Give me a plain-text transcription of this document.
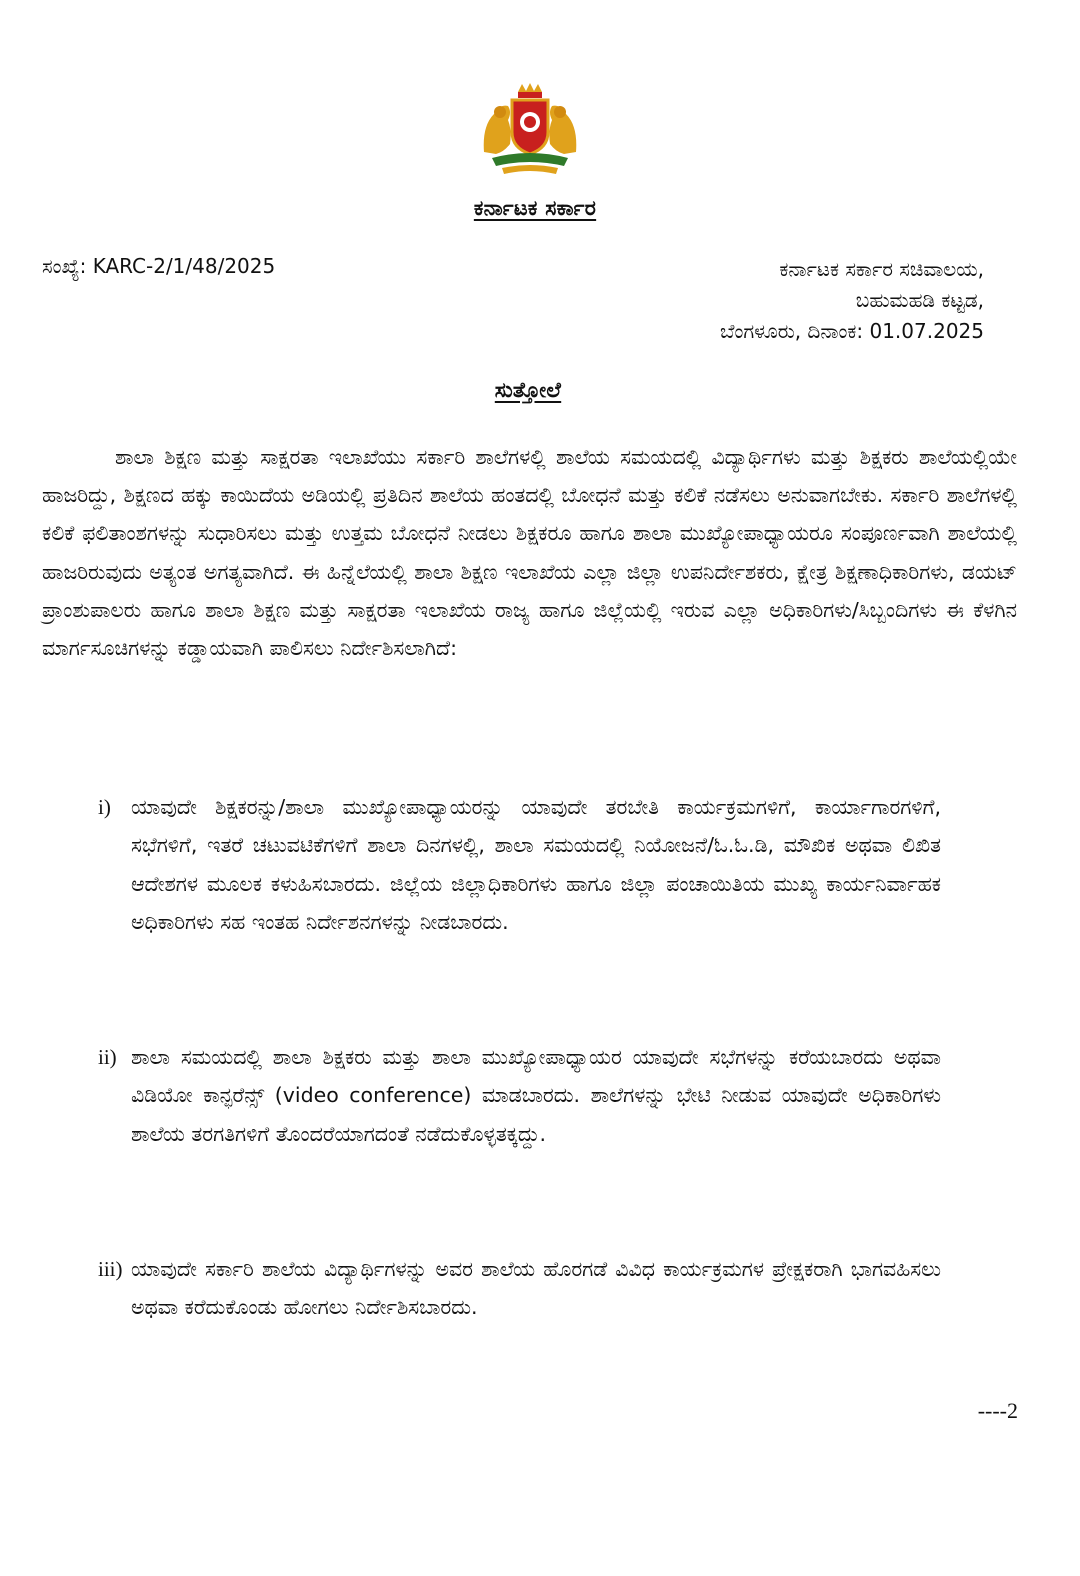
ಕರ್ನಾಟಕ ಸರ್ಕಾರ
ಸಂಖ್ಯೆ: KARC-2/1/48/2025	ಕರ್ನಾಟಕ ಸರ್ಕಾರ ಸಚಿವಾಲಯ,
ಬಹುಮಹಡಿ ಕಟ್ಟಡ,
ಬೆಂಗಳೂರು, ದಿನಾಂಕ: 01.07.2025
ಸುತ್ತೋಲೆ

ಶಾಲಾ ಶಿಕ್ಷಣ ಮತ್ತು ಸಾಕ್ಷರತಾ ಇಲಾಖೆಯು ಸರ್ಕಾರಿ ಶಾಲೆಗಳಲ್ಲಿ ಶಾಲೆಯ ಸಮಯದಲ್ಲಿ ವಿದ್ಯಾರ್ಥಿಗಳು ಮತ್ತು ಶಿಕ್ಷಕರು ಶಾಲೆಯಲ್ಲಿಯೇ ಹಾಜರಿದ್ದು, ಶಿಕ್ಷಣದ ಹಕ್ಕು ಕಾಯಿದೆಯ ಅಡಿಯಲ್ಲಿ ಪ್ರತಿದಿನ ಶಾಲೆಯ ಹಂತದಲ್ಲಿ ಬೋಧನೆ ಮತ್ತು ಕಲಿಕೆ ನಡೆಸಲು ಅನುವಾಗಬೇಕು. ಸರ್ಕಾರಿ ಶಾಲೆಗಳಲ್ಲಿ ಕಲಿಕೆ ಫಲಿತಾಂಶಗಳನ್ನು ಸುಧಾರಿಸಲು ಮತ್ತು ಉತ್ತಮ ಬೋಧನೆ ನೀಡಲು ಶಿಕ್ಷಕರೂ ಹಾಗೂ ಶಾಲಾ ಮುಖ್ಯೋಪಾಧ್ಯಾಯರೂ ಸಂಪೂರ್ಣವಾಗಿ ಶಾಲೆಯಲ್ಲಿ ಹಾಜರಿರುವುದು ಅತ್ಯಂತ ಅಗತ್ಯವಾಗಿದೆ. ಈ ಹಿನ್ನೆಲೆಯಲ್ಲಿ ಶಾಲಾ ಶಿಕ್ಷಣ ಇಲಾಖೆಯ ಎಲ್ಲಾ ಜಿಲ್ಲಾ ಉಪನಿರ್ದೇಶಕರು, ಕ್ಷೇತ್ರ ಶಿಕ್ಷಣಾಧಿಕಾರಿಗಳು, ಡಯಟ್ ಪ್ರಾಂಶುಪಾಲರು ಹಾಗೂ ಶಾಲಾ ಶಿಕ್ಷಣ ಮತ್ತು ಸಾಕ್ಷರತಾ ಇಲಾಖೆಯ ರಾಜ್ಯ ಹಾಗೂ ಜಿಲ್ಲೆಯಲ್ಲಿ ಇರುವ ಎಲ್ಲಾ ಅಧಿಕಾರಿಗಳು/ಸಿಬ್ಬಂದಿಗಳು ಈ ಕೆಳಗಿನ ಮಾರ್ಗಸೂಚಿಗಳನ್ನು ಕಡ್ಡಾಯವಾಗಿ ಪಾಲಿಸಲು ನಿರ್ದೇಶಿಸಲಾಗಿದೆ:

i) ಯಾವುದೇ ಶಿಕ್ಷಕರನ್ನು/ಶಾಲಾ ಮುಖ್ಯೋಪಾಧ್ಯಾಯರನ್ನು ಯಾವುದೇ ತರಬೇತಿ ಕಾರ್ಯಕ್ರಮಗಳಿಗೆ, ಕಾರ್ಯಾಗಾರಗಳಿಗೆ, ಸಭೆಗಳಿಗೆ, ಇತರೆ ಚಟುವಟಿಕೆಗಳಿಗೆ ಶಾಲಾ ದಿನಗಳಲ್ಲಿ, ಶಾಲಾ ಸಮಯದಲ್ಲಿ ನಿಯೋಜನೆ/ಓ.ಓ.ಡಿ, ಮೌಖಿಕ ಅಥವಾ ಲಿಖಿತ ಆದೇಶಗಳ ಮೂಲಕ ಕಳುಹಿಸಬಾರದು. ಜಿಲ್ಲೆಯ ಜಿಲ್ಲಾಧಿಕಾರಿಗಳು ಹಾಗೂ ಜಿಲ್ಲಾ ಪಂಚಾಯಿತಿಯ ಮುಖ್ಯ ಕಾರ್ಯನಿರ್ವಾಹಕ ಅಧಿಕಾರಿಗಳು ಸಹ ಇಂತಹ ನಿರ್ದೇಶನಗಳನ್ನು ನೀಡಬಾರದು.
ii) ಶಾಲಾ ಸಮಯದಲ್ಲಿ ಶಾಲಾ ಶಿಕ್ಷಕರು ಮತ್ತು ಶಾಲಾ ಮುಖ್ಯೋಪಾಧ್ಯಾಯರ ಯಾವುದೇ ಸಭೆಗಳನ್ನು ಕರೆಯಬಾರದು ಅಥವಾ ವಿಡಿಯೋ ಕಾನ್ಫರೆನ್ಸ್ (video conference) ಮಾಡಬಾರದು. ಶಾಲೆಗಳನ್ನು ಭೇಟಿ ನೀಡುವ ಯಾವುದೇ ಅಧಿಕಾರಿಗಳು ಶಾಲೆಯ ತರಗತಿಗಳಿಗೆ ತೊಂದರೆಯಾಗದಂತೆ ನಡೆದುಕೊಳ್ಳತಕ್ಕದ್ದು.
iii) ಯಾವುದೇ ಸರ್ಕಾರಿ ಶಾಲೆಯ ವಿದ್ಯಾರ್ಥಿಗಳನ್ನು ಅವರ ಶಾಲೆಯ ಹೊರಗಡೆ ವಿವಿಧ ಕಾರ್ಯಕ್ರಮಗಳ ಪ್ರೇಕ್ಷಕರಾಗಿ ಭಾಗವಹಿಸಲು ಅಥವಾ ಕರೆದುಕೊಂಡು ಹೋಗಲು ನಿರ್ದೇಶಿಸಬಾರದು.
----2
